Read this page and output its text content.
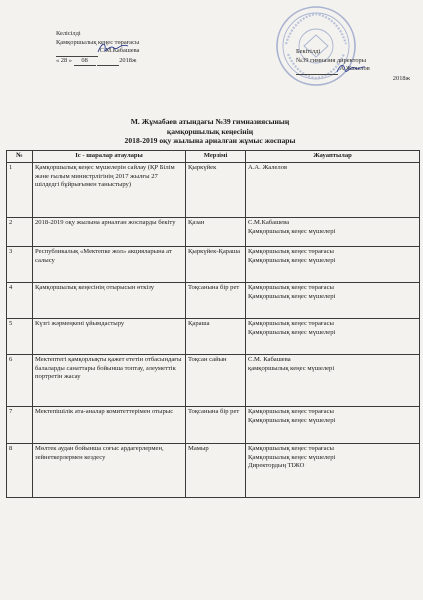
Келісілді
Қамқоршылық кеңес төрағасы
С.М.Кабашева
« 28 » 08	2018ж
Бекітілді
№39 гимназия директоры
А.Жалелов
2018ж
М. Жұмабаев атындағы №39 гимназиясының
қамқоршылық кеңесінің
2018-2019 оқу жылына арналған жұмыс жоспары
№	Іс - шаралар атаулары	Мерзімі	Жауаптылар
1	Қамқоршылық кеңес мүшелерін сайлау (ҚР Білім және ғылым министрлігінің 2017 жылғы 27 шілдедгі бұйрығымен таныстыру)	Қыркүйек	А.А. Жалелов

2	2018-2019 оқу жылына арналған жоспарды бекіту	Қазан	С.М.Кабашева
Қамқоршылық кеңес мүшелері

3	Республикалық «Мектепке жол» акцияларына ат салысу	Қыркүйек-Қараша	Қамқоршылық кеңес төрағасы
Қамқоршылық кеңес мүшелері

4	Қамқоршылық кеңесінің отырысын өткізу	Тоқсанына бір рет	Қамқоршылық кеңес төрағасы
Қамқоршылық кеңес мүшелері

5	Күзгі жәрмеңкені ұйымдастыру	Қараша	Қамқоршылық кеңес төрағасы
Қамқоршылық кеңес мүшелері

6	Мектептегі қамқорлықты қажет ететін отбасындағы балаларды санаттары бойынша топтау, әлеуметтік портретін жасау	Тоқсан сайын	С.М. Кабашева
қамқоршылық кеңес мүшелері

7	Мектепішілік ата-аналар комитеттерімен отырыс	Тоқсанына бір рет	Қамқоршылық кеңес төрағасы
Қамқоршылық кеңес мүшелері

8	Мөлтек аудан бойынша соғыс ардагерлермен, зейнеткерлермен кездесу	Мамыр	Қамқоршылық кеңес төрағасы
Қамқоршылық кеңес мүшелері
Директордың ТІЖО
